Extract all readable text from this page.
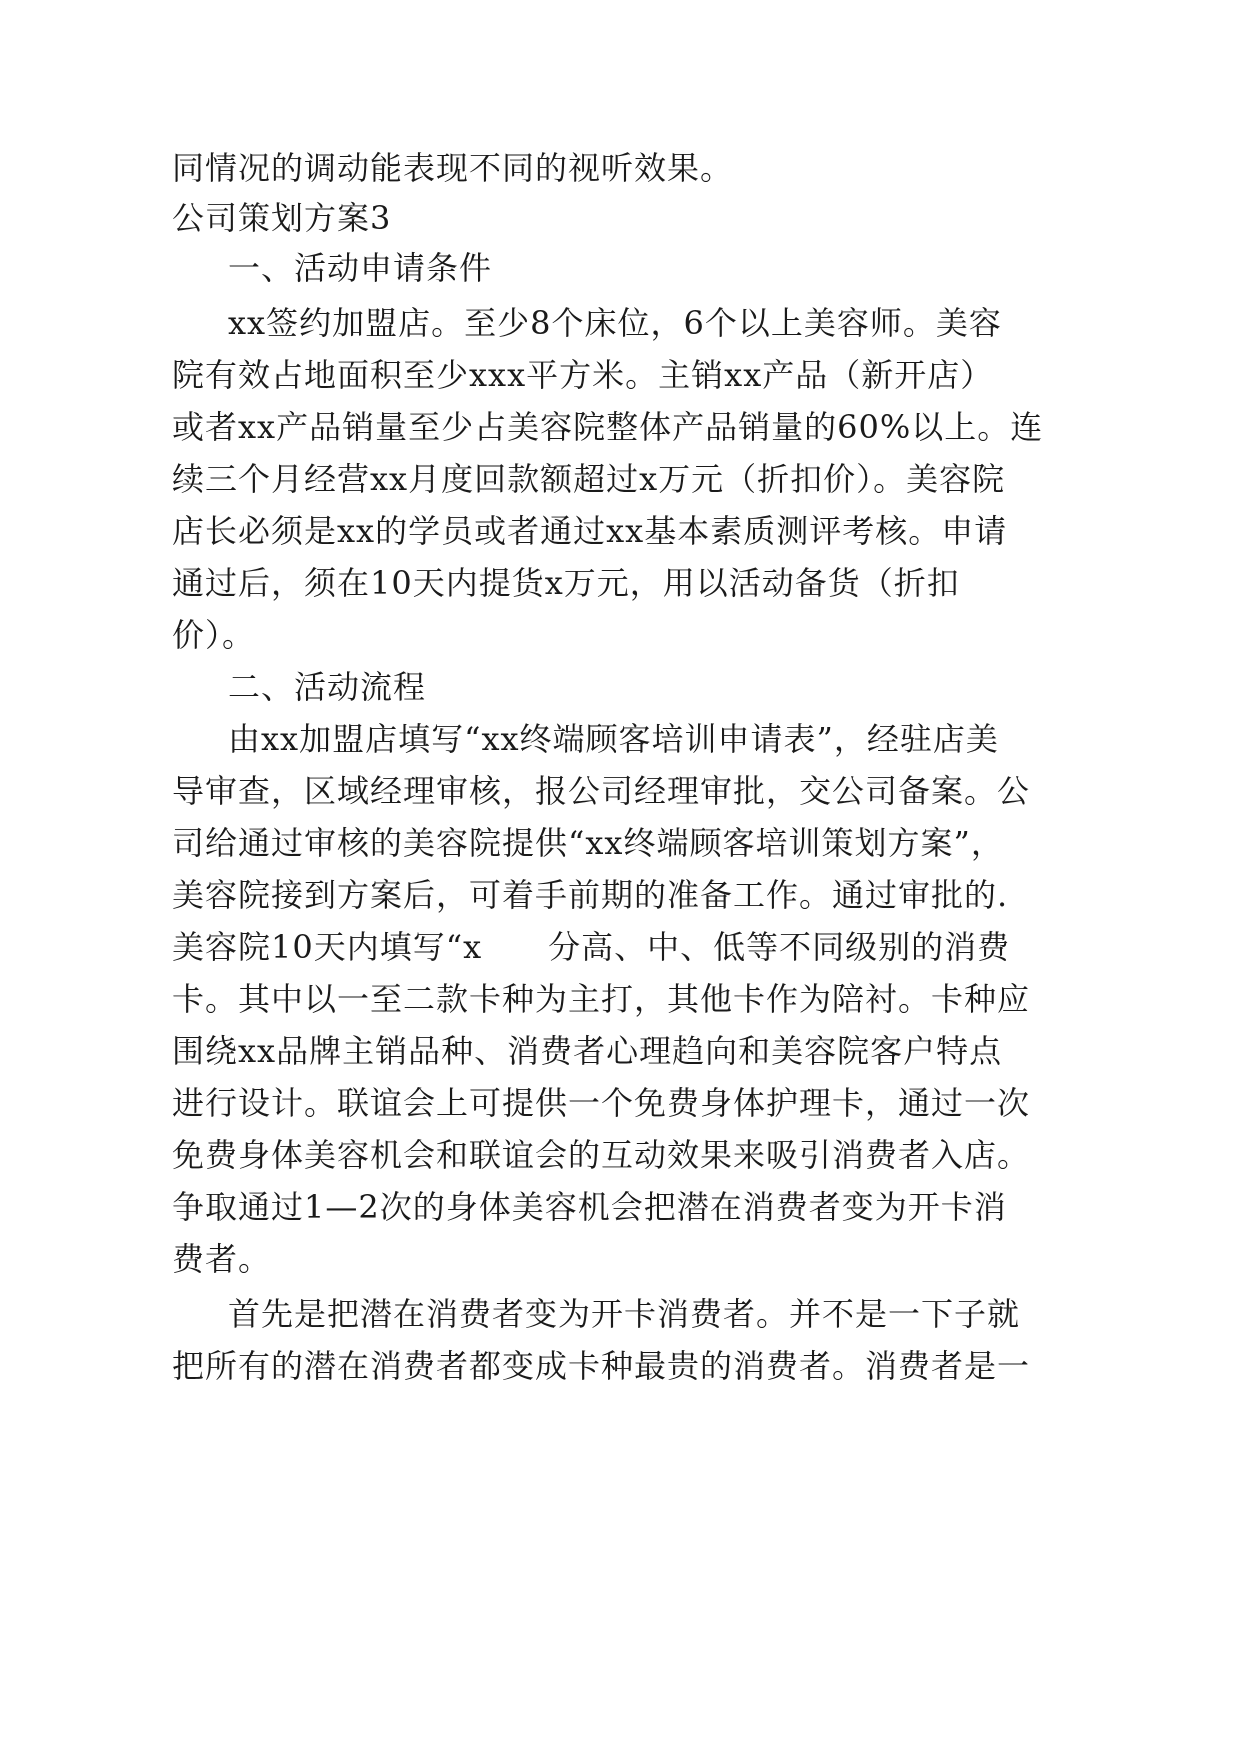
同情况的调动能表现不同的视听效果。

公司策划方案3

一、活动申请条件

xx签约加盟店。至少8个床位，6个以上美容师。美容

院有效占地面积至少xxx平方米。主销xx产品（新开店）

或者xx产品销量至少占美容院整体产品销量的60%以上。连

续三个月经营xx月度回款额超过x万元（折扣价）。美容院

店长必须是xx的学员或者通过xx基本素质测评考核。申请

通过后，须在10天内提货x万元，用以活动备货（折扣

价）。

二、活动流程

由xx加盟店填写“xx终端顾客培训申请表”，经驻店美

导审查，区域经理审核，报公司经理审批，交公司备案。公

司给通过审核的美容院提供“xx终端顾客培训策划方案”，

美容院接到方案后，可着手前期的准备工作。通过审批的.

美容院10天内填写“x　　分高、中、低等不同级别的消费

卡。其中以一至二款卡种为主打，其他卡作为陪衬。卡种应

围绕xx品牌主销品种、消费者心理趋向和美容院客户特点

进行设计。联谊会上可提供一个免费身体护理卡，通过一次

免费身体美容机会和联谊会的互动效果来吸引消费者入店。

争取通过1—2次的身体美容机会把潜在消费者变为开卡消

费者。

首先是把潜在消费者变为开卡消费者。并不是一下子就

把所有的潜在消费者都变成卡种最贵的消费者。消费者是一
